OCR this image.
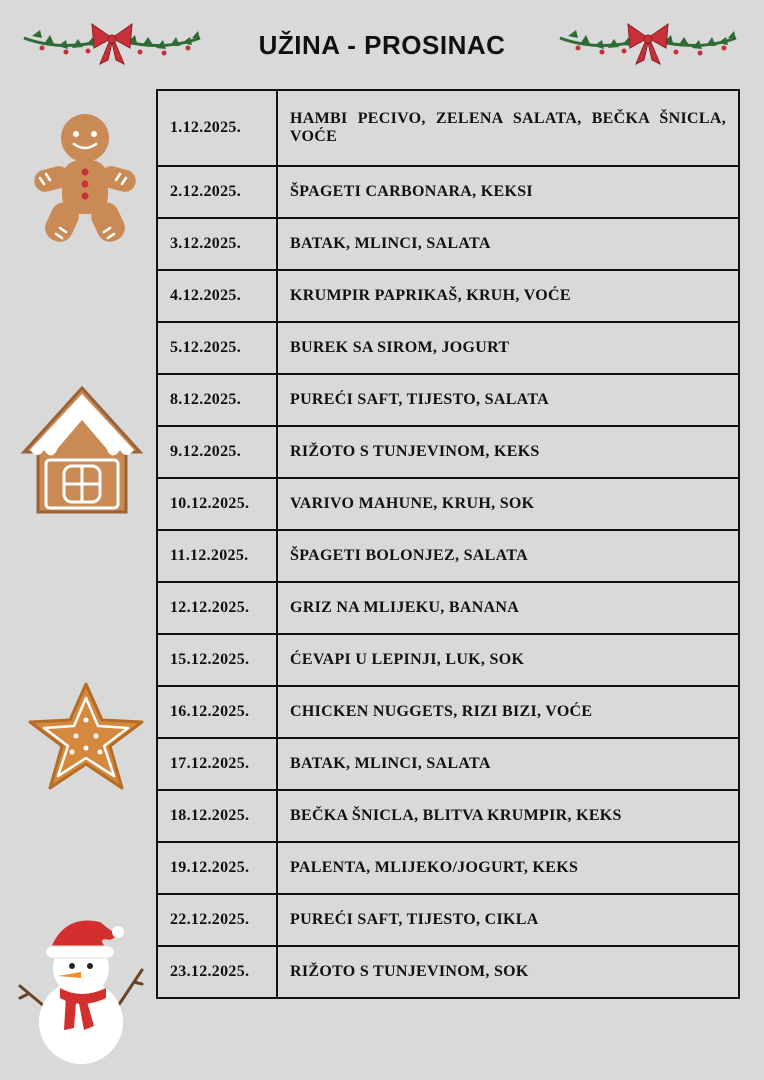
UŽINA - PROSINAC
1.12.2025.	HAMBI PECIVO, ZELENA SALATA, BEČKA ŠNICLA, VOĆE
2.12.2025.	ŠPAGETI CARBONARA, KEKSI
3.12.2025.	BATAK, MLINCI, SALATA
4.12.2025.	KRUMPIR PAPRIKAŠ, KRUH, VOĆE
5.12.2025.	BUREK SA SIROM, JOGURT
8.12.2025.	PUREĆI SAFT, TIJESTO, SALATA
9.12.2025.	RIŽOTO S TUNJEVINOM, KEKS
10.12.2025.	VARIVO MAHUNE, KRUH, SOK
11.12.2025.	ŠPAGETI BOLONJEZ, SALATA
12.12.2025.	GRIZ NA MLIJEKU, BANANA
15.12.2025.	ĆEVAPI U LEPINJI, LUK, SOK
16.12.2025.	CHICKEN NUGGETS, RIZI BIZI, VOĆE
17.12.2025.	BATAK, MLINCI, SALATA
18.12.2025.	BEČKA ŠNICLA, BLITVA KRUMPIR, KEKS
19.12.2025.	PALENTA, MLIJEKO/JOGURT, KEKS
22.12.2025.	PUREĆI SAFT, TIJESTO, CIKLA
23.12.2025.	RIŽOTO S TUNJEVINOM, SOK
